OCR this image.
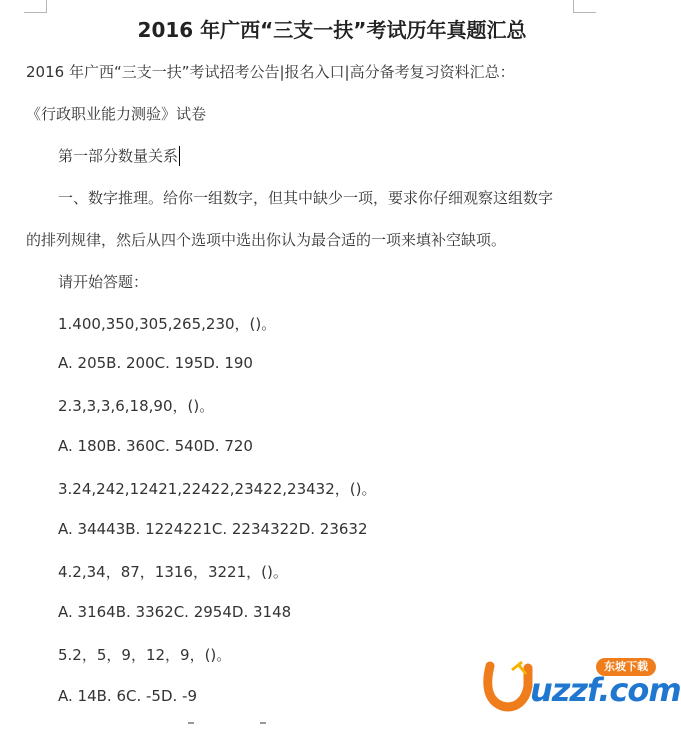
2016 年广西“三支一扶”考试历年真题汇总

2016 年广西“三支一扶”考试招考公告|报名入口|高分备考复习资料汇总：

《行政职业能力测验》试卷

第一部分数量关系

一、数字推理。给你一组数字，但其中缺少一项，要求你仔细观察这组数字

的排列规律，然后从四个选项中选出你认为最合适的一项来填补空缺项。

请开始答题：

1.400,350,305,265,230，()。

A. 205B. 200C. 195D. 190

2.3,3,3,6,18,90，()。

A. 180B. 360C. 540D. 720

3.24,242,12421,22422,23422,23432，()。

A. 34443B. 1224221C. 2234322D. 23632

4.2,34，87，1316，3221，()。

A. 3164B. 3362C. 2954D. 3148

5.2，5，9，12，9，()。

A. 14B. 6C. -5D. -9

东坡下载
uzzf.com
